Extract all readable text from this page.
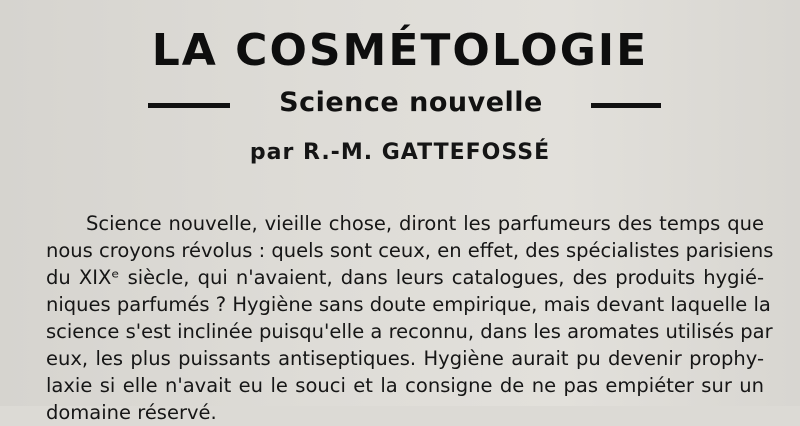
LA COSMÉTOLOGIE
Science nouvelle
par R.-M. GATTEFOSSÉ
Science nouvelle, vieille chose, diront les parfumeurs des temps que
nous croyons révolus : quels sont ceux, en effet, des spécialistes parisiens
du XIXᵉ siècle, qui n'avaient, dans leurs catalogues, des produits hygié-
niques parfumés ? Hygiène sans doute empirique, mais devant laquelle la
science s'est inclinée puisqu'elle a reconnu, dans les aromates utilisés par
eux, les plus puissants antiseptiques. Hygiène aurait pu devenir prophy-
laxie si elle n'avait eu le souci et la consigne de ne pas empiéter sur un
domaine réservé.
